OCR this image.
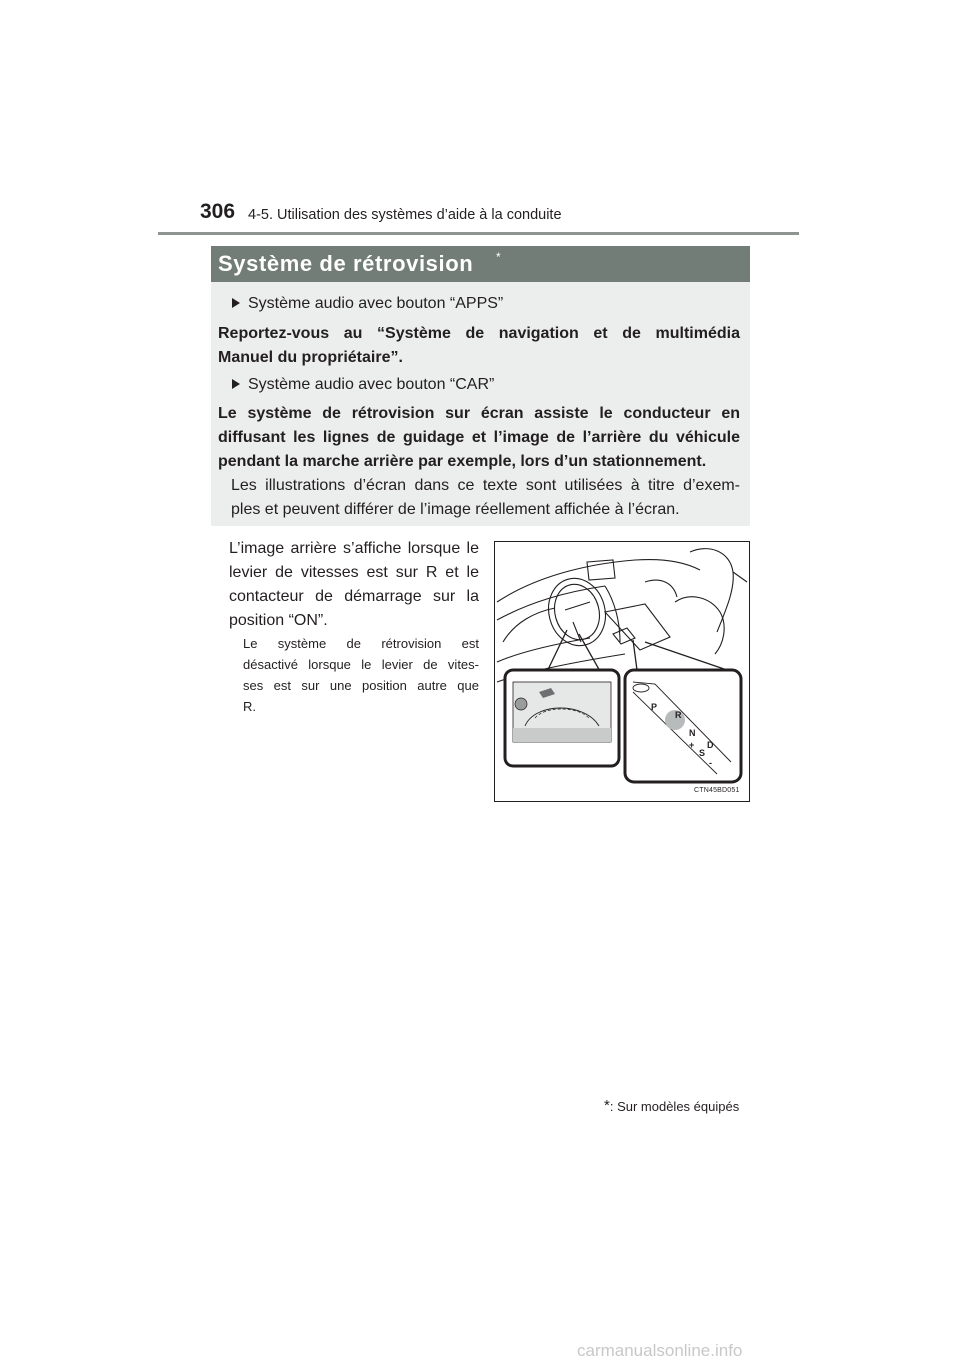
306 4-5. Utilisation des systèmes d’aide à la conduite
Système de rétrovision *
Système audio avec bouton “APPS”
Reportez-vous au “Système de navigation et de multimédia
Manuel du propriétaire”.
Système audio avec bouton “CAR”
Le système de rétrovision sur écran assiste le conducteur en
diffusant les lignes de guidage et l’image de l’arrière du véhicule
pendant la marche arrière par exemple, lors d’un stationnement.
Les illustrations d’écran dans ce texte sont utilisées à titre d’exem-
ples et peuvent différer de l’image réellement affichée à l’écran.
L’image arrière s’affiche lorsque le
levier de vitesses est sur R et le
contacteur de démarrage sur la
position “ON”.
Le système de rétrovision est
désactivé lorsque le levier de vites-
ses est sur une position autre que
R.	P
R
N
D
S
+
-
CTN45BD051
*: Sur modèles équipés
carmanualsonline.info
